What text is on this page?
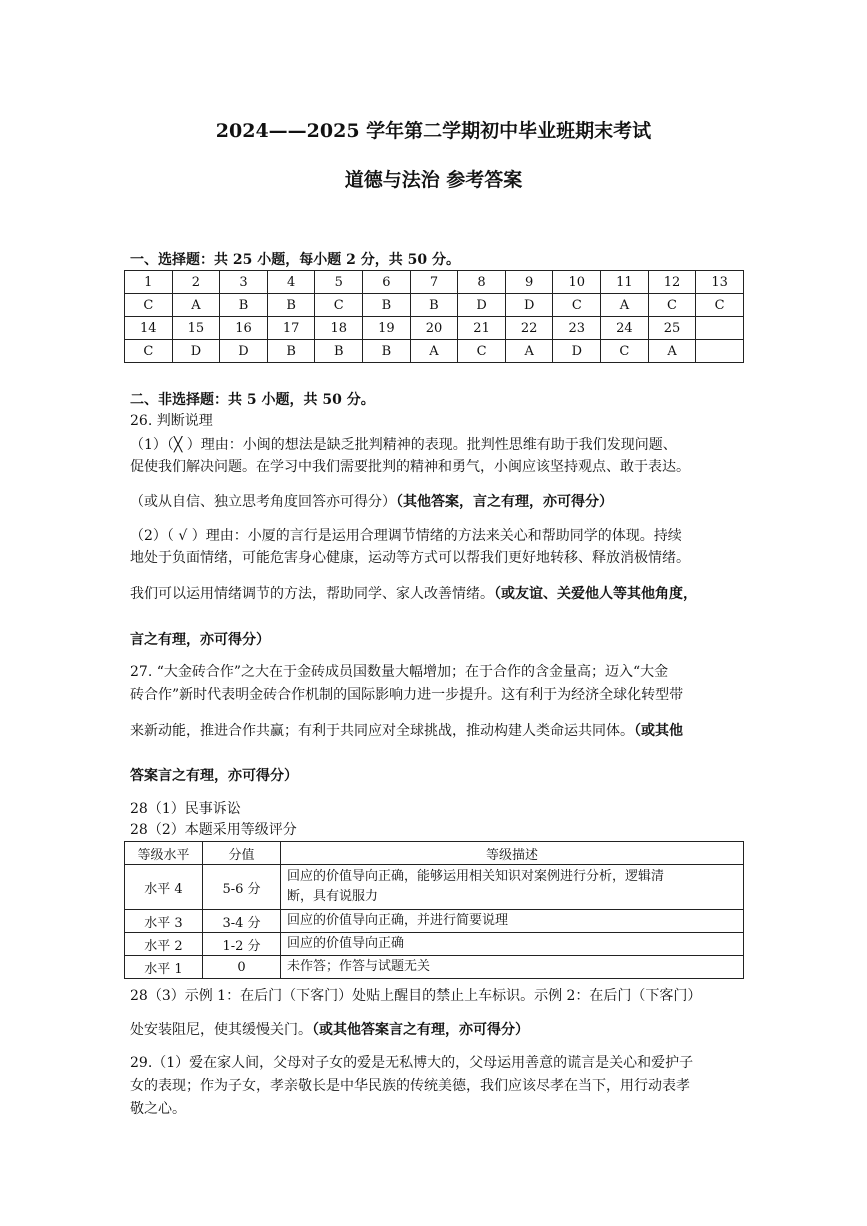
2024——2025 学年第二学期初中毕业班期末考试
道德与法治 参考答案
一、选择题：共 25 小题，每小题 2 分，共 50 分。
1	2	3	4	5	6	7	8	9	10	11	12	13
C	A	B	B	C	B	B	D	D	C	A	C	C
14	15	16	17	18	19	20	21	22	23	24	25	
C	D	D	B	B	B	A	C	A	D	C	A	
二、非选择题：共 5 小题，共 50 分。
26. 判断说理
（1）（╳ ）理由：小闽的想法是缺乏批判精神的表现。批判性思维有助于我们发现问题、
促使我们解决问题。在学习中我们需要批判的精神和勇气，小闽应该坚持观点、敢于表达。
（或从自信、独立思考角度回答亦可得分）（其他答案，言之有理，亦可得分）
（2）（ √ ）理由：小厦的言行是运用合理调节情绪的方法来关心和帮助同学的体现。持续
地处于负面情绪，可能危害身心健康，运动等方式可以帮我们更好地转移、释放消极情绪。
我们可以运用情绪调节的方法，帮助同学、家人改善情绪。（或友谊、关爱他人等其他角度，
言之有理，亦可得分）
27. “大金砖合作”之大在于金砖成员国数量大幅增加；在于合作的含金量高；迈入“大金
砖合作”新时代表明金砖合作机制的国际影响力进一步提升。这有利于为经济全球化转型带
来新动能，推进合作共赢；有利于共同应对全球挑战，推动构建人类命运共同体。（或其他
答案言之有理，亦可得分）
28（1）民事诉讼
28（2）本题采用等级评分
等级水平	分值	等级描述
水平 4	5-6 分	回应的价值导向正确，能够运用相关知识对案例进行分析，逻辑清
断，具有说服力

水平 3	3-4 分	回应的价值导向正确，并进行简要说理
水平 2	1-2 分	回应的价值导向正确
水平 1	0	未作答；作答与试题无关
28（3）示例 1：在后门（下客门）处贴上醒目的禁止上车标识。示例 2：在后门（下客门）
处安装阻尼，使其缓慢关门。（或其他答案言之有理，亦可得分）
29.（1）爱在家人间，父母对子女的爱是无私博大的，父母运用善意的谎言是关心和爱护子
女的表现；作为子女，孝亲敬长是中华民族的传统美德，我们应该尽孝在当下，用行动表孝
敬之心。
